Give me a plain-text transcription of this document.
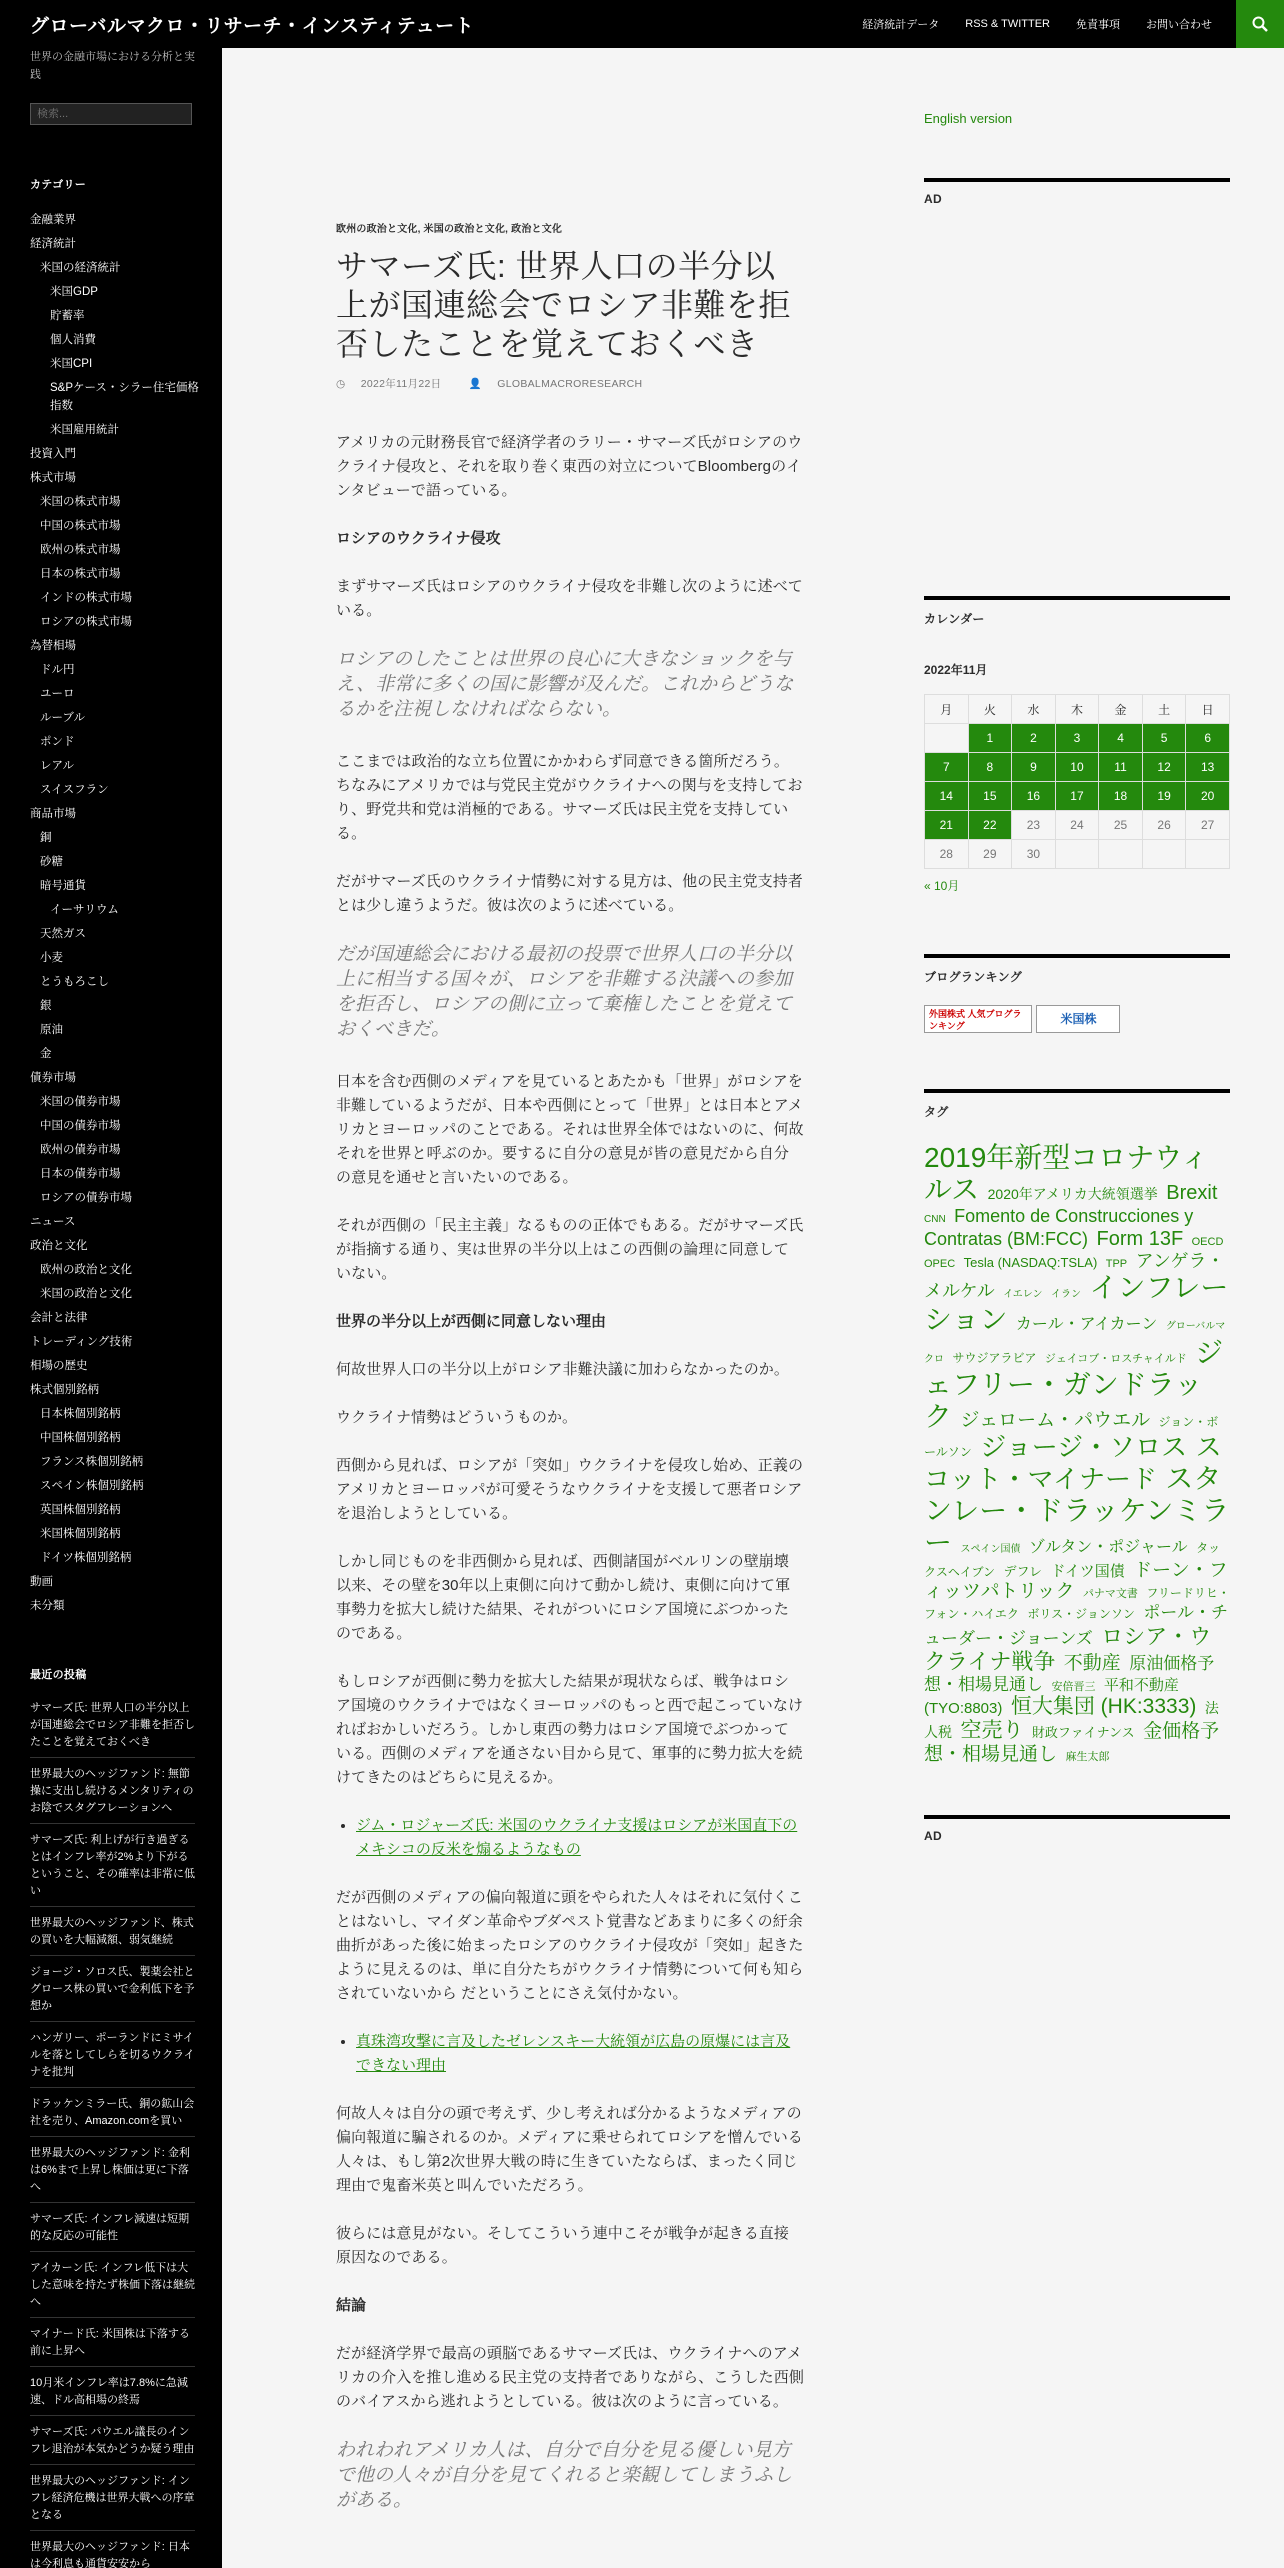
グローバルマクロ・リサーチ・インスティテュート	経済統計データ RSS & TWITTER 免責事項 お問い合わせ
世界の金融市場における分析と実践
検索...
カテゴリー
金融業界
経済統計
米国の経済統計
米国GDP
貯蓄率
個人消費
米国CPI
S&Pケース・シラー住宅価格指数
米国雇用統計
投資入門
株式市場
米国の株式市場
中国の株式市場
欧州の株式市場
日本の株式市場
インドの株式市場
ロシアの株式市場
為替相場
ドル円
ユーロ
ルーブル
ポンド
レアル
スイスフラン
商品市場
銅
砂糖
暗号通貨
イーサリウム
天然ガス
小麦
とうもろこし
銀
原油
金
債券市場
米国の債券市場
中国の債券市場
欧州の債券市場
日本の債券市場
ロシアの債券市場
ニュース
政治と文化
欧州の政治と文化
米国の政治と文化
会計と法律
トレーディング技術
相場の歴史
株式個別銘柄
日本株個別銘柄
中国株個別銘柄
フランス株個別銘柄
スペイン株個別銘柄
英国株個別銘柄
米国株個別銘柄
ドイツ株個別銘柄
動画
未分類
最近の投稿
サマーズ氏: 世界人口の半分以上が国連総会でロシア非難を拒否したことを覚えておくべき
世界最大のヘッジファンド: 無節操に支出し続けるメンタリティのお陰でスタグフレーションへ
サマーズ氏: 利上げが行き過ぎるとはインフレ率が2%より下がるということ、その確率は非常に低い
世界最大のヘッジファンド、株式の買いを大幅減額、弱気継続
ジョージ・ソロス氏、製薬会社とグロース株の買いで金利低下を予想か
ハンガリー、ポーランドにミサイルを落としてしらを切るウクライナを批判
ドラッケンミラー氏、銅の鉱山会社を売り、Amazon.comを買い
世界最大のヘッジファンド: 金利は6%まで上昇し株価は更に下落へ
サマーズ氏: インフレ減速は短期的な反応の可能性
アイカーン氏: インフレ低下は大した意味を持たず株価下落は継続へ
マイナード氏: 米国株は下落する前に上昇へ
10月米インフレ率は7.8%に急減速、ドル高相場の終焉
サマーズ氏: パウエル議長のインフレ退治が本気かどうか疑う理由
世界最大のヘッジファンド: インフレ経済危機は世界大戦への序章となる
世界最大のヘッジファンド: 日本は今利息も通貨安安から
欧州の政治と文化, 米国の政治と文化, 政治と文化
サマーズ氏: 世界人口の半分以上が国連総会でロシア非難を拒否したことを覚えておくべき
◷ 2022年11月22日	👤 GLOBALMACRORESEARCH

アメリカの元財務長官で経済学者のラリー・サマーズ氏がロシアのウクライナ侵攻と、それを取り巻く東西の対立についてBloombergのインタビューで語っている。

ロシアのウクライナ侵攻

まずサマーズ氏はロシアのウクライナ侵攻を非難し次のように述べている。

ロシアのしたことは世界の良心に大きなショックを与え、非常に多くの国に影響が及んだ。これからどうなるかを注視しなければならない。

ここまでは政治的な立ち位置にかかわらず同意できる箇所だろう。ちなみにアメリカでは与党民主党がウクライナへの関与を支持しており、野党共和党は消極的である。サマーズ氏は民主党を支持している。

だがサマーズ氏のウクライナ情勢に対する見方は、他の民主党支持者とは少し違うようだ。彼は次のように述べている。

だが国連総会における最初の投票で世界人口の半分以上に相当する国々が、ロシアを非難する決議への参加を拒否し、ロシアの側に立って棄権したことを覚えておくべきだ。

日本を含む西側のメディアを見ているとあたかも「世界」がロシアを非難しているようだが、日本や西側にとって「世界」とは日本とアメリカとヨーロッパのことである。それは世界全体ではないのに、何故それを世界と呼ぶのか。要するに自分の意見が皆の意見だから自分の意見を通せと言いたいのである。

それが西側の「民主主義」なるものの正体でもある。だがサマーズ氏が指摘する通り、実は世界の半分以上はこの西側の論理に同意していない。

世界の半分以上が西側に同意しない理由

何故世界人口の半分以上がロシア非難決議に加わらなかったのか。

ウクライナ情勢はどういうものか。

西側から見れば、ロシアが「突如」ウクライナを侵攻し始め、正義のアメリカとヨーロッパが可愛そうなウクライナを支援して悪者ロシアを退治しようとしている。

しかし同じものを非西側から見れば、西側諸国がベルリンの壁崩壊以来、その壁を30年以上東側に向けて動かし続け、東側に向けて軍事勢力を拡大し続けた結果、それがついにロシア国境にぶつかったのである。

もしロシアが西側に勢力を拡大した結果が現状ならば、戦争はロシア国境のウクライナではなくヨーロッパのもっと西で起こっていなければおかしいだろう。しかし東西の勢力はロシア国境でぶつかっている。西側のメディアを通さない目から見て、軍事的に勢力拡大を続けてきたのはどちらに見えるか。

• ジム・ロジャーズ氏: 米国のウクライナ支援はロシアが米国直下のメキシコの反米を煽るようなもの

だが西側のメディアの偏向報道に頭をやられた人々はそれに気付くことはないし、マイダン革命やブダペスト覚書などあまりに多くの紆余曲折があった後に始まったロシアのウクライナ侵攻が「突如」起きたように見えるのは、単に自分たちがウクライナ情勢について何も知らされていないから だということにさえ気付かない。

• 真珠湾攻撃に言及したゼレンスキー大統領が広島の原爆には言及できない理由

何故人々は自分の頭で考えず、少し考えれば分かるようなメディアの偏向報道に騙されるのか。メディアに乗せられてロシアを憎んでいる人々は、もし第2次世界大戦の時に生きていたならば、まったく同じ理由で鬼畜米英と叫んでいただろう。

彼らには意見がない。そしてこういう連中こそが戦争が起きる直接原因なのである。

結論

だが経済学界で最高の頭脳であるサマーズ氏は、ウクライナへのアメリカの介入を推し進める民主党の支持者でありながら、こうした西側のバイアスから逃れようとしている。彼は次のように言っている。

われわれアメリカ人は、自分で自分を見る優しい見方で他の人々が自分を見てくれると楽観してしまうふしがある。
English version
AD
カレンダー
2022年11月
月	火	水	木	金	土	日
	1	2	3	4	5	6
7	8	9	10	11	12	13
14	15	16	17	18	19	20
21	22	23	24	25	26	27
28	29	30				
« 10月
ブログランキング
外国株式 人気ブログランキング	米国株
タグ
2019年新型コロナウィルス 2020年アメリカ大統領選挙 Brexit CNN Fomento de Construcciones y Contratas (BM:FCC) Form 13F OECD OPEC Tesla (NASDAQ:TSLA) TPP アンゲラ・メルケル イエレン イラン インフレーション カール・アイカーン グローバルマクロ サウジアラビア ジェイコブ・ロスチャイルド ジェフリー・ガンドラック ジェローム・パウエル ジョン・ボールソン ジョージ・ソロス スコット・マイナード スタンレー・ドラッケンミラー スペイン国債 ゾルタン・ポジャール タックスヘイブン デフレ ドイツ国債 ドーン・フィッツパトリック パナマ文書 フリードリヒ・フォン・ハイエク ボリス・ジョンソン ポール・チューダー・ジョーンズ ロシア・ウクライナ戦争 不動産 原油価格予想・相場見通し 安倍晋三 平和不動産 (TYO:8803) 恒大集団 (HK:3333) 法人税 空売り 財政ファイナンス 金価格予想・相場見通し 麻生太郎
AD
